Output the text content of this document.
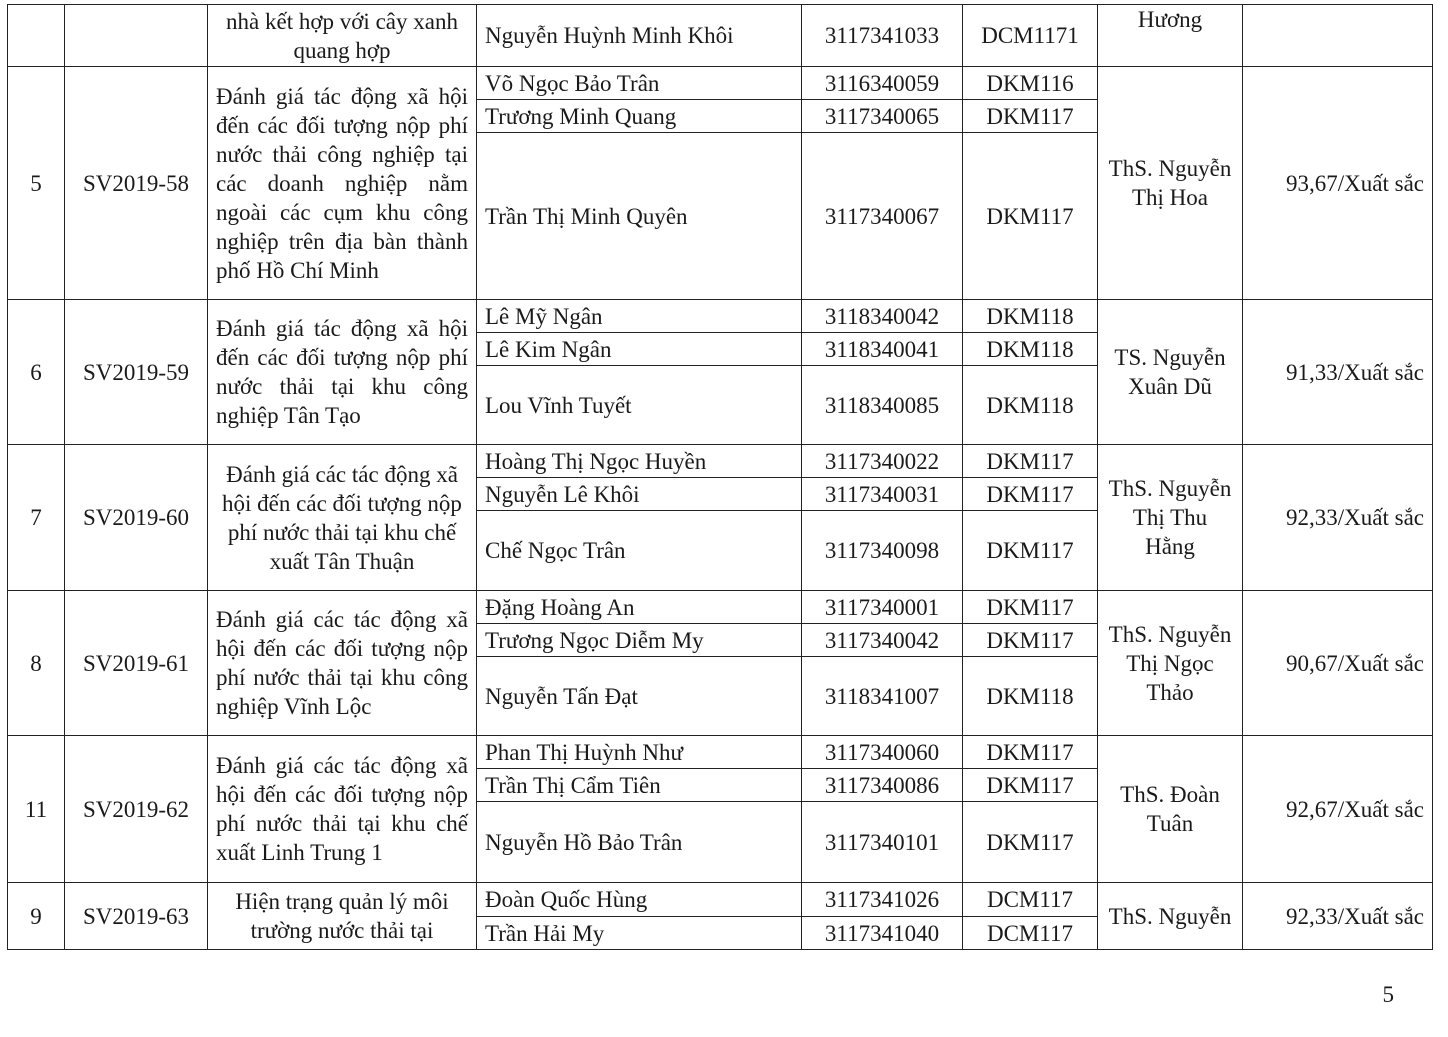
		nhà kết hợp với cây xanh quang hợp	Nguyễn Huỳnh Minh Khôi	3117341033	DCM1171	Hương	
5	SV2019-58	Đánh giá tác động xã hội đến các đối tượng nộp phí nước thải công nghiệp tại các doanh nghiệp nằm ngoài các cụm khu công nghiệp trên địa bàn thành phố Hồ Chí Minh	Võ Ngọc Bảo Trân	3116340059	DKM116	ThS. Nguyễn Thị Hoa	93,67/Xuất sắc
			Trương Minh Quang	3117340065	DKM117		
			Trần Thị Minh Quyên	3117340067	DKM117		
6	SV2019-59	Đánh giá tác động xã hội đến các đối tượng nộp phí nước thải tại khu công nghiệp Tân Tạo	Lê Mỹ Ngân	3118340042	DKM118	TS. Nguyễn Xuân Dũ	91,33/Xuất sắc
			Lê Kim Ngân	3118340041	DKM118		
			Lou Vĩnh Tuyết	3118340085	DKM118		
7	SV2019-60	Đánh giá các tác động xã hội đến các đối tượng nộp phí nước thải tại khu chế xuất Tân Thuận	Hoàng Thị Ngọc Huyền	3117340022	DKM117	ThS. Nguyễn Thị Thu Hằng	92,33/Xuất sắc
			Nguyễn Lê Khôi	3117340031	DKM117		
			Chế Ngọc Trân	3117340098	DKM117		
8	SV2019-61	Đánh giá các tác động xã hội đến các đối tượng nộp phí nước thải tại khu công nghiệp Vĩnh Lộc	Đặng Hoàng An	3117340001	DKM117	ThS. Nguyễn Thị Ngọc Thảo	90,67/Xuất sắc
			Trương Ngọc Diễm My	3117340042	DKM117		
			Nguyễn Tấn Đạt	3118341007	DKM118		
11	SV2019-62	Đánh giá các tác động xã hội đến các đối tượng nộp phí nước thải tại khu chế xuất Linh Trung 1	Phan Thị Huỳnh Như	3117340060	DKM117	ThS. Đoàn Tuân	92,67/Xuất sắc
			Trần Thị Cẩm Tiên	3117340086	DKM117		
			Nguyễn Hồ Bảo Trân	3117340101	DKM117		
9	SV2019-63	Hiện trạng quản lý môi trường nước thải tại	Đoàn Quốc Hùng	3117341026	DCM117	ThS. Nguyễn	92,33/Xuất sắc
			Trần Hải My	3117341040	DCM117		
5
